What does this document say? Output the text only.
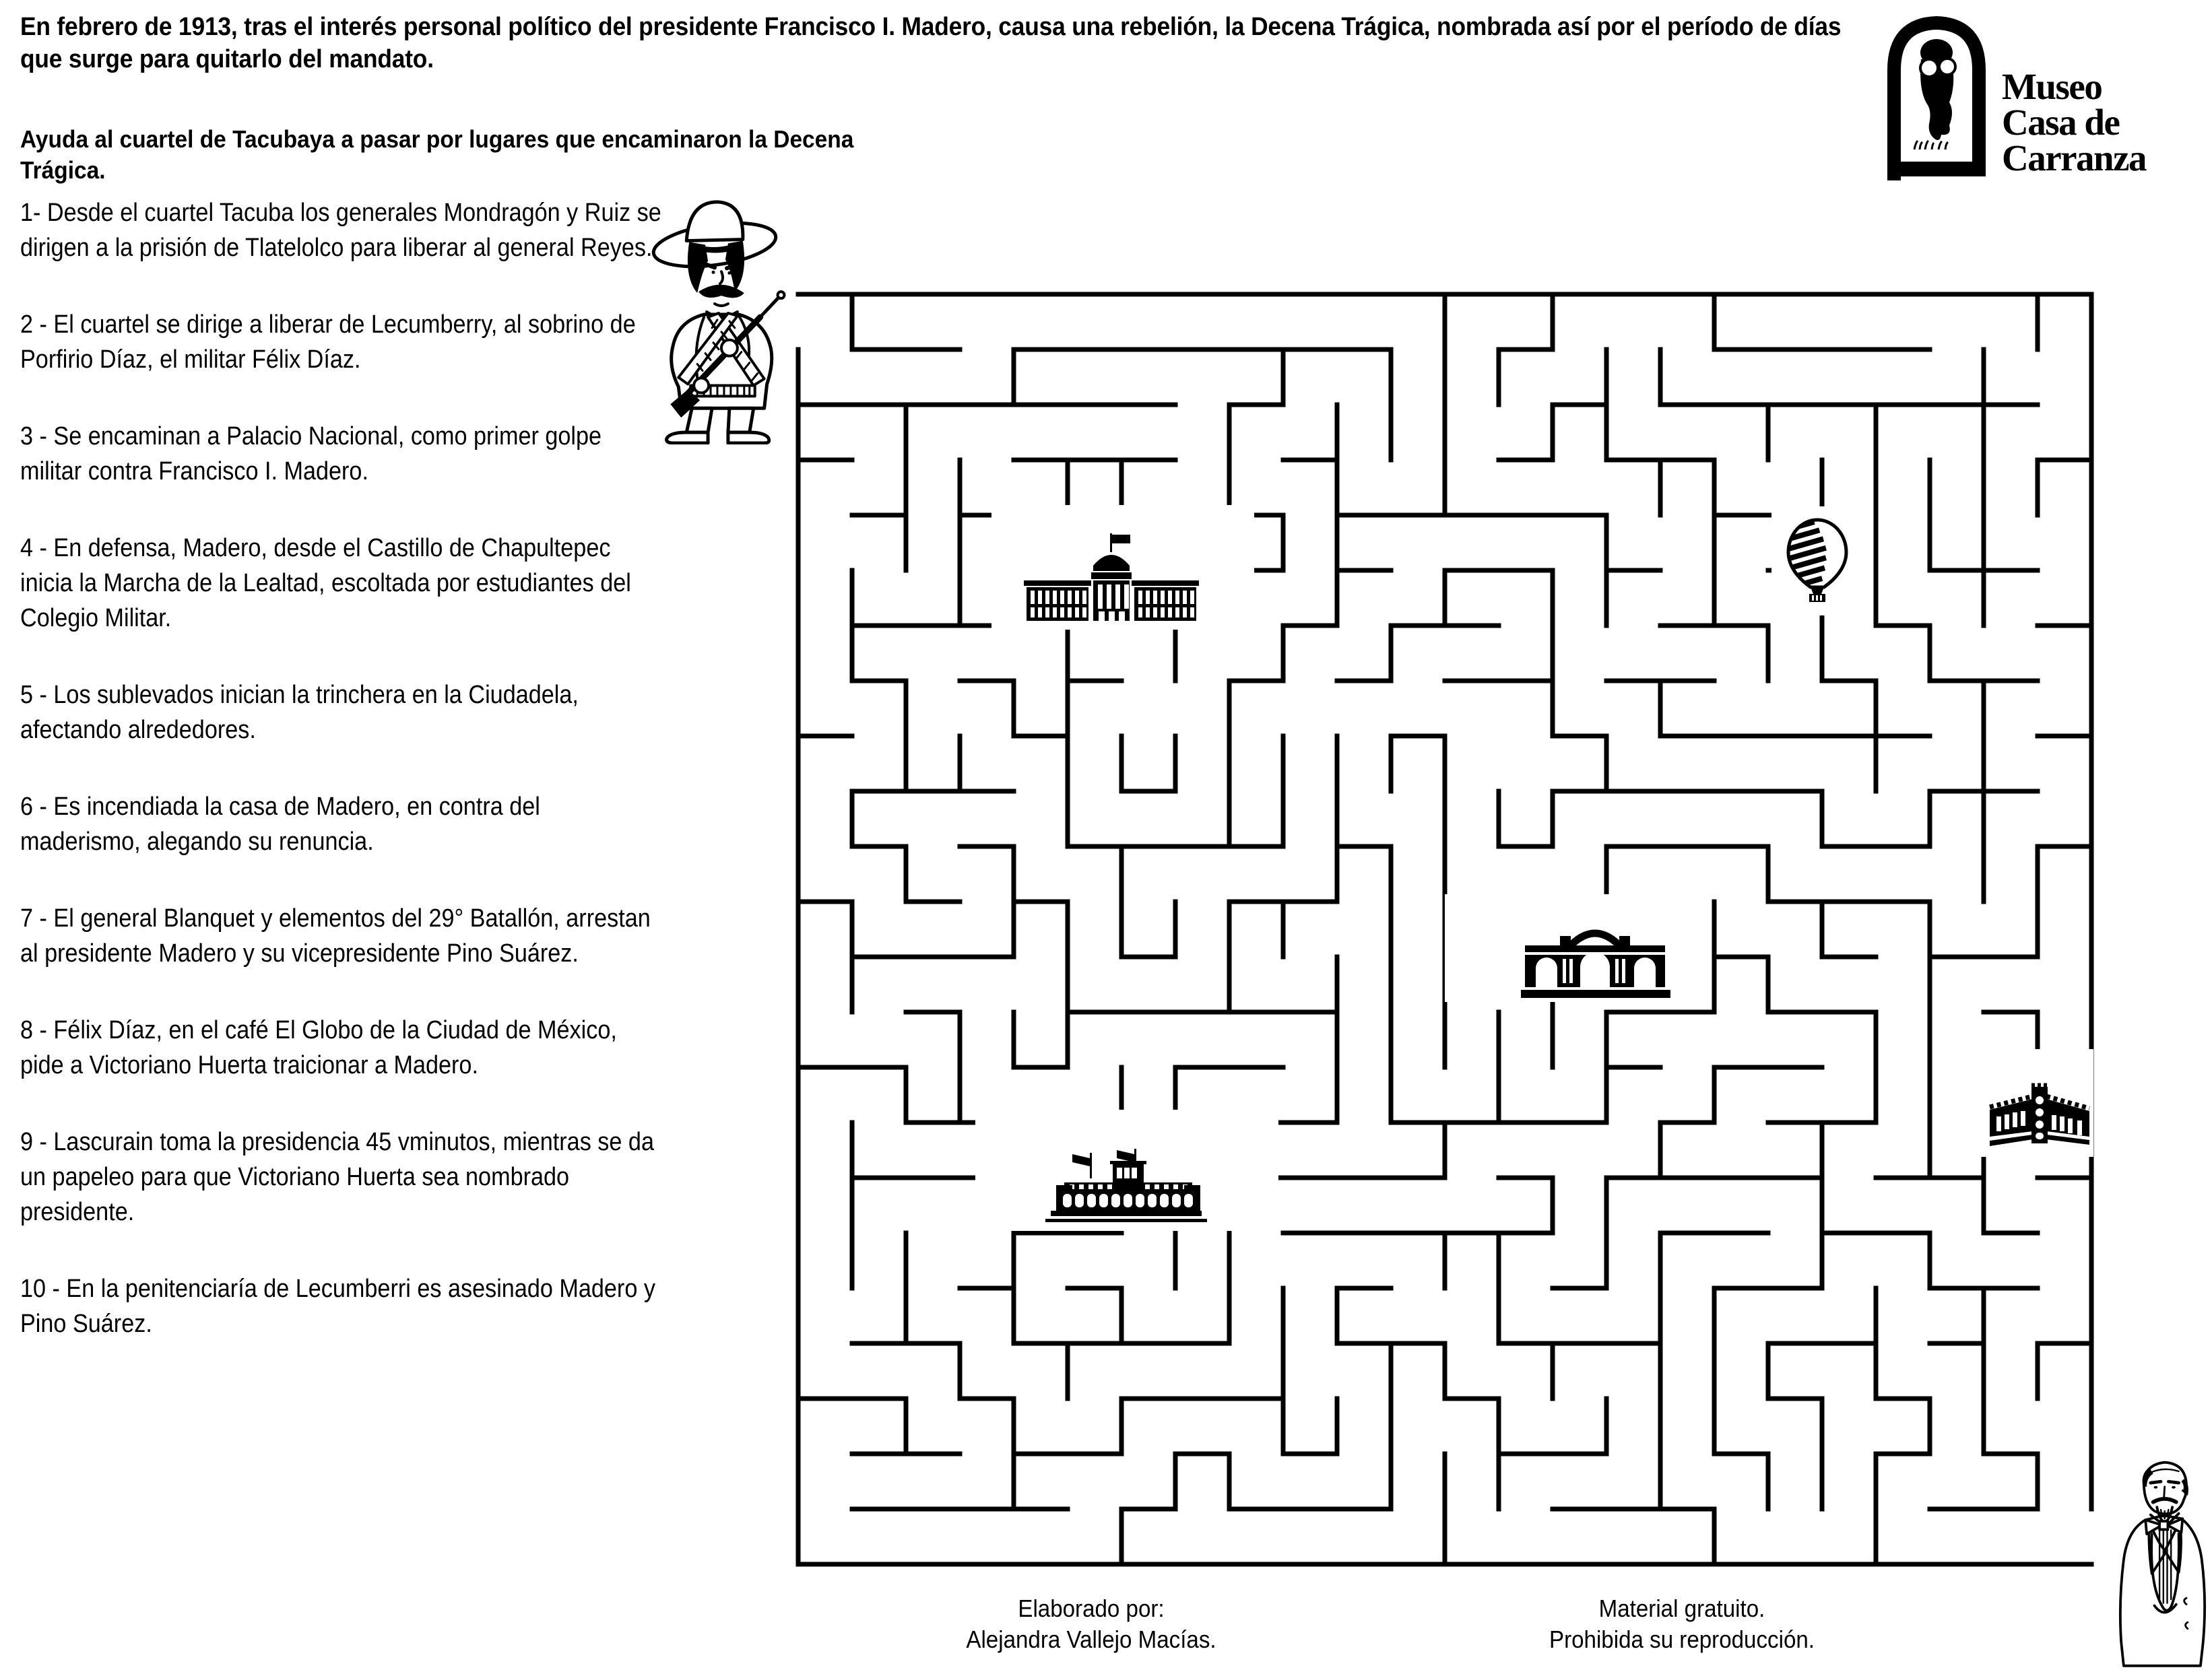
En febrero de 1913, tras el interés personal político del presidente Francisco I. Madero, causa una rebelión, la Decena Trágica, nombrada así por el período de días que surge para quitarlo del mandato.
Ayuda al cuartel de Tacubaya a pasar por lugares que encaminaron la Decena Trágica.

1- Desde el cuartel Tacuba los generales Mondragón y Ruiz se dirigen a la prisión de Tlatelolco para liberar al general Reyes.

2 - El cuartel se dirige a liberar de Lecumberry, al sobrino de Porfirio Díaz, el militar Félix Díaz.

3 - Se encaminan a Palacio Nacional, como primer golpe militar contra Francisco I. Madero.

4 - En defensa, Madero, desde el Castillo de Chapultepec inicia la Marcha de la Lealtad, escoltada por estudiantes del Colegio Militar.

5 - Los sublevados inician la trinchera en la Ciudadela, afectando alrededores.

6 - Es incendiada la casa de Madero, en contra del maderismo, alegando su renuncia.

7 - El general Blanquet y elementos del 29° Batallón, arrestan al presidente Madero y su vicepresidente Pino Suárez.

8 - Félix Díaz, en el café El Globo de la Ciudad de México, pide a Victoriano Huerta traicionar a Madero.

9 - Lascurain toma la presidencia 45 vminutos, mientras se da un papeleo para que Victoriano Huerta sea nombrado presidente.

10 - En la penitenciaría de Lecumberri es asesinado Madero y Pino Suárez.

Museo
Casa de
Carranza
Elaborado por:
Alejandra Vallejo Macías.
Material gratuito.
Prohibida su reproducción.
